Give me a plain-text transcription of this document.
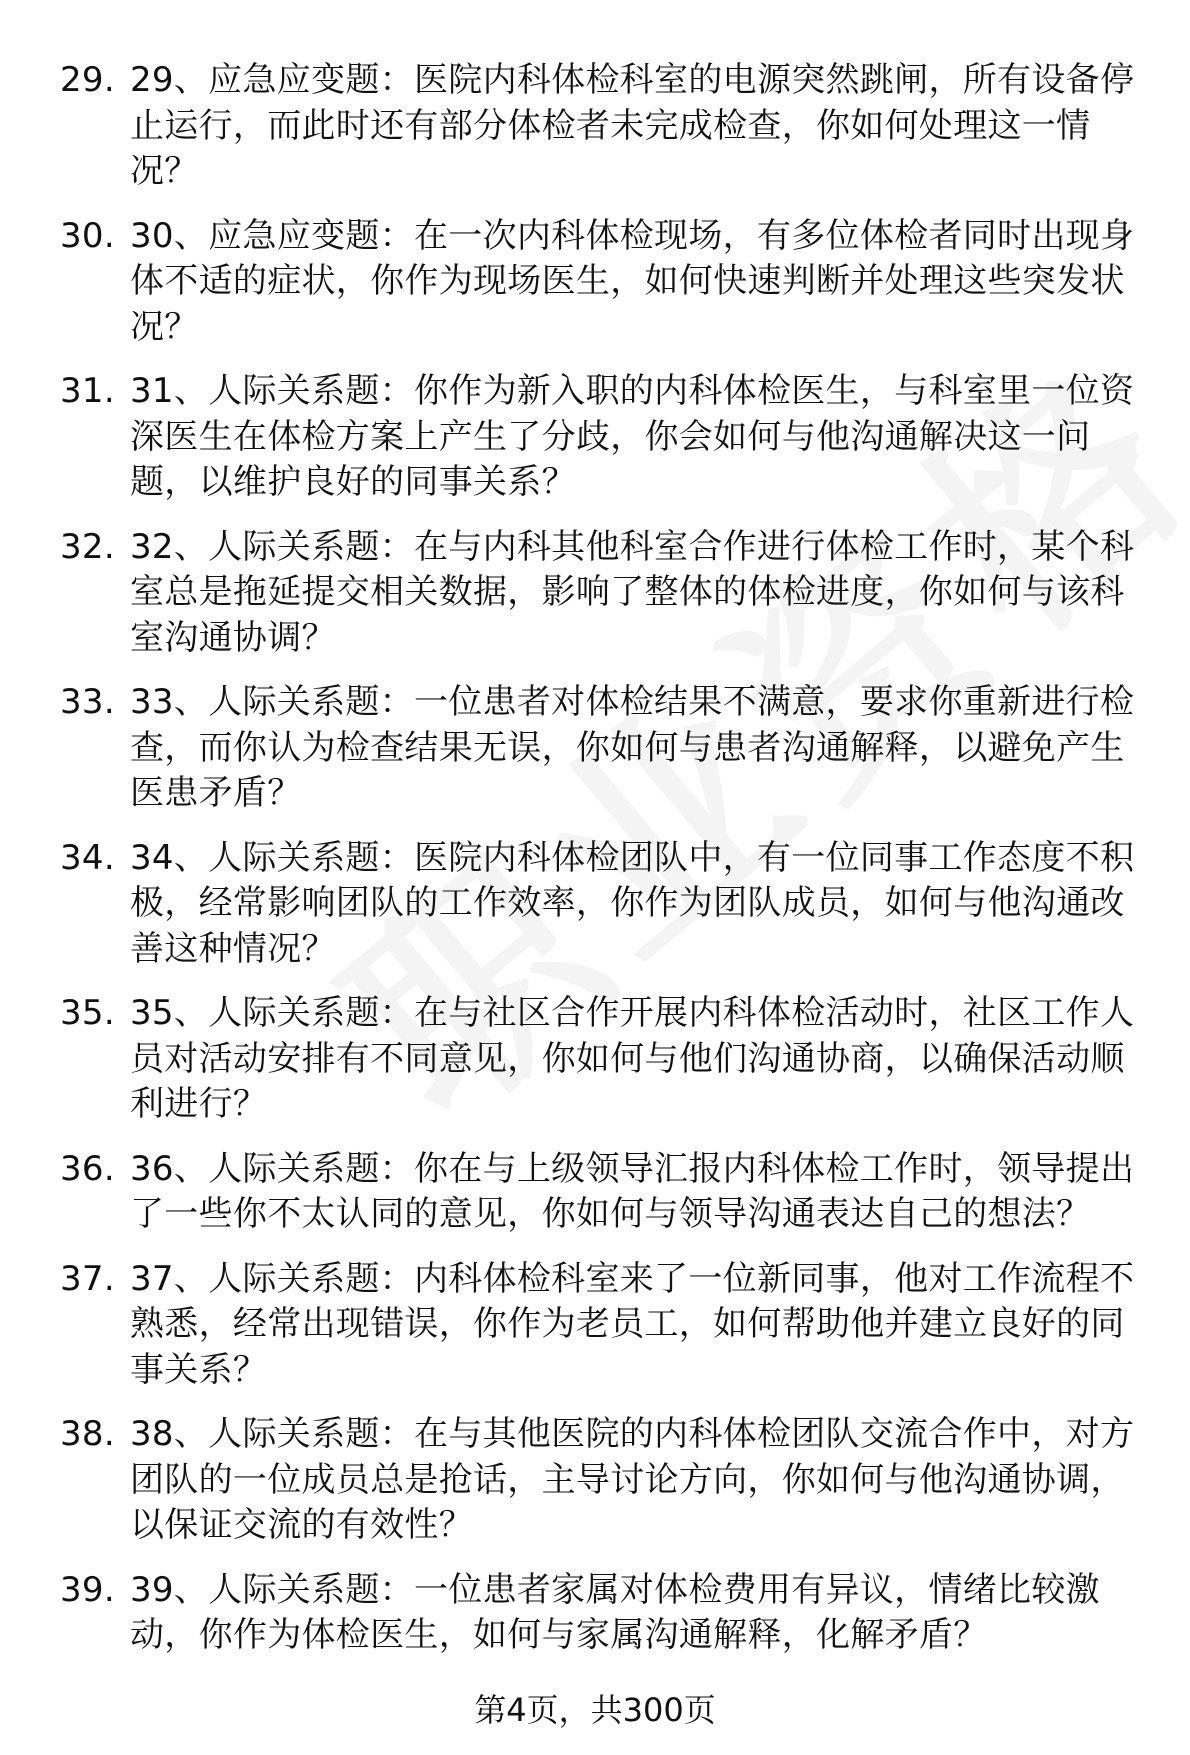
29. 29、应急应变题：医院内科体检科室的电源突然跳闸，所有设备停止运行，而此时还有部分体检者未完成检查，你如何处理这一情况？
30. 30、应急应变题：在一次内科体检现场，有多位体检者同时出现身体不适的症状，你作为现场医生，如何快速判断并处理这些突发状况？
31. 31、人际关系题：你作为新入职的内科体检医生，与科室里一位资深医生在体检方案上产生了分歧，你会如何与他沟通解决这一问题，以维护良好的同事关系？
32. 32、人际关系题：在与内科其他科室合作进行体检工作时，某个科室总是拖延提交相关数据，影响了整体的体检进度，你如何与该科室沟通协调？
33. 33、人际关系题：一位患者对体检结果不满意，要求你重新进行检查，而你认为检查结果无误，你如何与患者沟通解释，以避免产生医患矛盾？
34. 34、人际关系题：医院内科体检团队中，有一位同事工作态度不积极，经常影响团队的工作效率，你作为团队成员，如何与他沟通改善这种情况？
35. 35、人际关系题：在与社区合作开展内科体检活动时，社区工作人员对活动安排有不同意见，你如何与他们沟通协商，以确保活动顺利进行？
36. 36、人际关系题：你在与上级领导汇报内科体检工作时，领导提出了一些你不太认同的意见，你如何与领导沟通表达自己的想法？
37. 37、人际关系题：内科体检科室来了一位新同事，他对工作流程不熟悉，经常出现错误，你作为老员工，如何帮助他并建立良好的同事关系？
38. 38、人际关系题：在与其他医院的内科体检团队交流合作中，对方团队的一位成员总是抢话，主导讨论方向，你如何与他沟通协调，以保证交流的有效性？
39. 39、人际关系题：一位患者家属对体检费用有异议，情绪比较激动，你作为体检医生，如何与家属沟通解释，化解矛盾？
第4页，共300页
